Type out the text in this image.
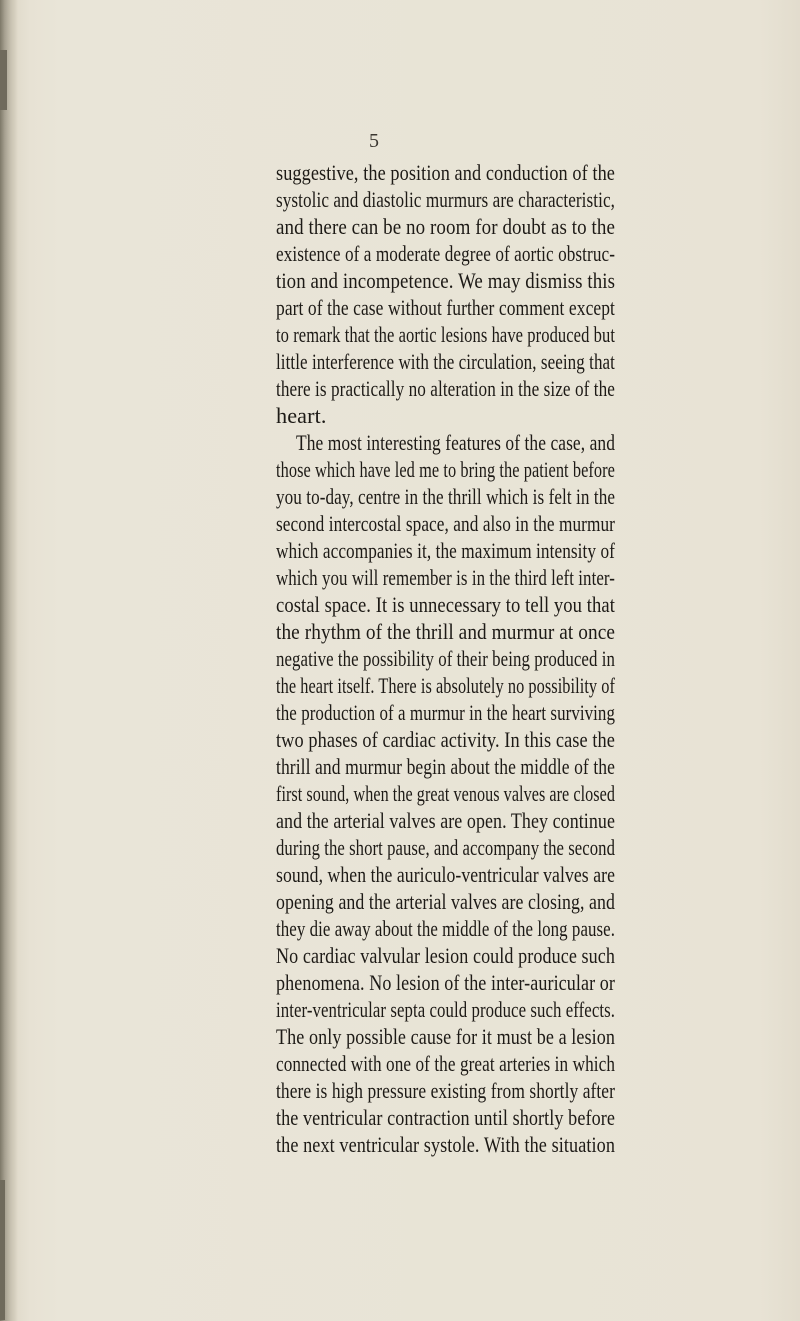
5
suggestive, the position and conduction of the
systolic and diastolic murmurs are characteristic,
and there can be no room for doubt as to the
existence of a moderate degree of aortic obstruc-
tion and incompetence. We may dismiss this
part of the case without further comment except
to remark that the aortic lesions have produced but
little interference with the circulation, seeing that
there is practically no alteration in the size of the
heart.
The most interesting features of the case, and
those which have led me to bring the patient before
you to-day, centre in the thrill which is felt in the
second intercostal space, and also in the murmur
which accompanies it, the maximum intensity of
which you will remember is in the third left inter-
costal space. It is unnecessary to tell you that
the rhythm of the thrill and murmur at once
negative the possibility of their being produced in
the heart itself. There is absolutely no possibility of
the production of a murmur in the heart surviving
two phases of cardiac activity. In this case the
thrill and murmur begin about the middle of the
first sound, when the great venous valves are closed
and the arterial valves are open. They continue
during the short pause, and accompany the second
sound, when the auriculo-ventricular valves are
opening and the arterial valves are closing, and
they die away about the middle of the long pause.
No cardiac valvular lesion could produce such
phenomena. No lesion of the inter-auricular or
inter-ventricular septa could produce such effects.
The only possible cause for it must be a lesion
connected with one of the great arteries in which
there is high pressure existing from shortly after
the ventricular contraction until shortly before
the next ventricular systole. With the situation
